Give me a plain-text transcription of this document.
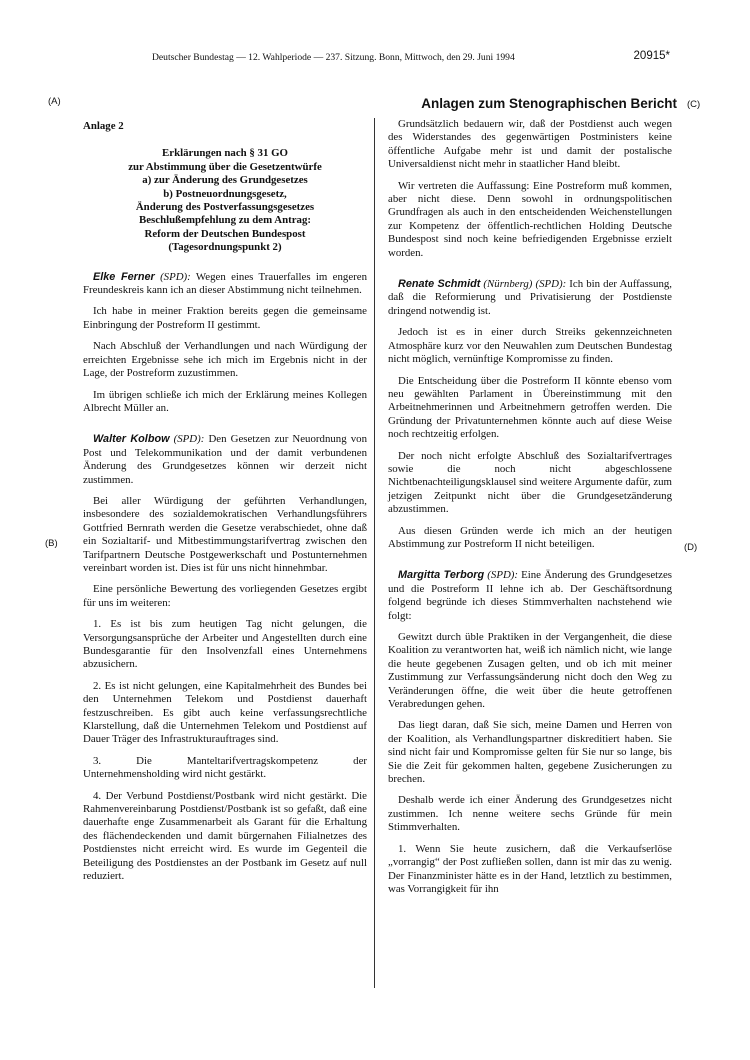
Deutscher Bundestag — 12. Wahlperiode — 237. Sitzung. Bonn, Mittwoch, den 29. Juni 1994	20915*
Anlagen zum Stenographischen Bericht
(A)	(C)
(B)	(D)

Anlage 2

Erklärungen nach § 31 GO
zur Abstimmung über die Gesetzentwürfe
a) zur Änderung des Grundgesetzes
b) Postneuordnungsgesetz,
Änderung des Postverfassungsgesetzes
Beschlußempfehlung zu dem Antrag:
Reform der Deutschen Bundespost
(Tagesordnungspunkt 2)

Elke Ferner (SPD): Wegen eines Trauerfalles im engeren Freundeskreis kann ich an dieser Abstimmung nicht teilnehmen.

Ich habe in meiner Fraktion bereits gegen die gemeinsame Einbringung der Postreform II gestimmt.

Nach Abschluß der Verhandlungen und nach Würdigung der erreichten Ergebnisse sehe ich mich im Ergebnis nicht in der Lage, der Postreform zuzustimmen.

Im übrigen schließe ich mich der Erklärung meines Kollegen Albrecht Müller an.

Walter Kolbow (SPD): Den Gesetzen zur Neuordnung von Post und Telekommunikation und der damit verbundenen Änderung des Grundgesetzes können wir derzeit nicht zustimmen.

Bei aller Würdigung der geführten Verhandlungen, insbesondere des sozialdemokratischen Verhandlungsführers Gottfried Bernrath werden die Gesetze verabschiedet, ohne daß ein Sozialtarif- und Mitbestimmungstarifvertrag zwischen den Tarifpartnern Deutsche Postgewerkschaft und Postunternehmen vereinbart worden ist. Dies ist für uns nicht hinnehmbar.

Eine persönliche Bewertung des vorliegenden Gesetzes ergibt für uns im weiteren:

1. Es ist bis zum heutigen Tag nicht gelungen, die Versorgungsansprüche der Arbeiter und Angestellten durch eine Bundesgarantie für den Insolvenzfall eines Unternehmens abzusichern.

2. Es ist nicht gelungen, eine Kapitalmehrheit des Bundes bei den Unternehmen Telekom und Postdienst dauerhaft festzuschreiben. Es gibt auch keine verfassungsrechtliche Klarstellung, daß die Unternehmen Telekom und Postdienst auf Dauer Träger des Infrastrukturauftrages sind.

3. Die Manteltarifvertragskompetenz der Unternehmensholding wird nicht gestärkt.

4. Der Verbund Postdienst/Postbank wird nicht gestärkt. Die Rahmenvereinbarung Postdienst/Postbank ist so gefaßt, daß eine dauerhafte enge Zusammenarbeit als Garant für die Erhaltung des flächendeckenden und damit bürgernahen Filialnetzes des Postdienstes nicht erreicht wird. Es wurde im Gegenteil die Beteiligung des Postdienstes an der Postbank im Gesetz auf null reduziert.

Grundsätzlich bedauern wir, daß der Postdienst auch wegen des Widerstandes des gegenwärtigen Postministers keine öffentliche Aufgabe mehr ist und damit der postalische Universaldienst nicht mehr in staatlicher Hand bleibt.

Wir vertreten die Auffassung: Eine Postreform muß kommen, aber nicht diese. Denn sowohl in ordnungspolitischen Grundfragen als auch in den entscheidenden Weichenstellungen zur Kompetenz der öffentlich-rechtlichen Holding Deutsche Bundespost sind noch keine befriedigenden Ergebnisse erzielt worden.

Renate Schmidt (Nürnberg) (SPD): Ich bin der Auffassung, daß die Reformierung und Privatisierung der Postdienste dringend notwendig ist.

Jedoch ist es in einer durch Streiks gekennzeichneten Atmosphäre kurz vor den Neuwahlen zum Deutschen Bundestag nicht möglich, vernünftige Kompromisse zu finden.

Die Entscheidung über die Postreform II könnte ebenso vom neu gewählten Parlament in Übereinstimmung mit den Arbeitnehmerinnen und Arbeitnehmern getroffen werden. Die Gründung der Privatunternehmen könnte auch auf diese Weise noch rechtzeitig erfolgen.

Der noch nicht erfolgte Abschluß des Sozialtarifvertrages sowie die noch nicht abgeschlossene Nichtbenachteiligungsklausel sind weitere Argumente dafür, zum jetzigen Zeitpunkt nicht über die Grundgesetzänderung abzustimmen.

Aus diesen Gründen werde ich mich an der heutigen Abstimmung zur Postreform II nicht beteiligen.

Margitta Terborg (SPD): Eine Änderung des Grundgesetzes und die Postreform II lehne ich ab. Der Geschäftsordnung folgend begründe ich dieses Stimmverhalten nachstehend wie folgt:

Gewitzt durch üble Praktiken in der Vergangenheit, die diese Koalition zu verantworten hat, weiß ich nämlich nicht, wie lange die heute gegebenen Zusagen gelten, und ob ich mit meiner Zustimmung zur Verfassungsänderung nicht doch den Weg zu Veränderungen öffne, die weit über die heute getroffenen Verabredungen gehen.

Das liegt daran, daß Sie sich, meine Damen und Herren von der Koalition, als Verhandlungspartner diskreditiert haben. Sie sind nicht fair und Kompromisse gelten für Sie nur so lange, bis Sie die Zeit für gekommen halten, gegebene Zusicherungen zu brechen.

Deshalb werde ich einer Änderung des Grundgesetzes nicht zustimmen. Ich nenne weitere sechs Gründe für mein Stimmverhalten.

1. Wenn Sie heute zusichern, daß die Verkaufserlöse „vorrangig“ der Post zufließen sollen, dann ist mir das zu wenig. Der Finanzminister hätte es in der Hand, letztlich zu bestimmen, was Vorrangigkeit für ihn
